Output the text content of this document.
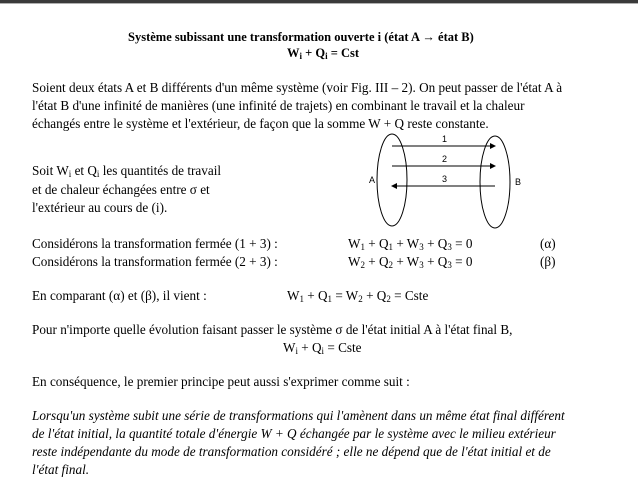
Système subissant une transformation ouverte i (état A → état B)
$W_i + Q_i$ = Cst
Soient deux états A et B différents d'un même système (voir Fig. III – 2). On peut passer de l'état A à
l'état B d'une infinité de manières (une infinité de trajets) en combinant le travail et la chaleur
échangés entre le système et l'extérieur, de façon que la somme W + Q reste constante.
Soit $W_i$ et $Q_i$ les quantités de travail
et de chaleur échangées entre σ et
l'extérieur au cours de (i).
A	B
1
2
3
Considérons la transformation fermée (1 + 3) :	$W_1 + Q_1 + W_3 + Q_3 = 0$	(α)
Considérons la transformation fermée (2 + 3) :	$W_2 + Q_2 + W_3 + Q_3 = 0$	(β)
En comparant (α) et (β), il vient :	$W_1 + Q_1 = W_2 + Q_2$ = Cste
Pour n'importe quelle évolution faisant passer le système σ de l'état initial A à l'état final B,
$W_i + Q_i$ = Cste
En conséquence, le premier principe peut aussi s'exprimer comme suit :
Lorsqu'un système subit une série de transformations qui l'amènent dans un même état final différent
de l'état initial, la quantité totale d'énergie W + Q échangée par le système avec le milieu extérieur
reste indépendante du mode de transformation considéré ; elle ne dépend que de l'état initial et de
l'état final.
